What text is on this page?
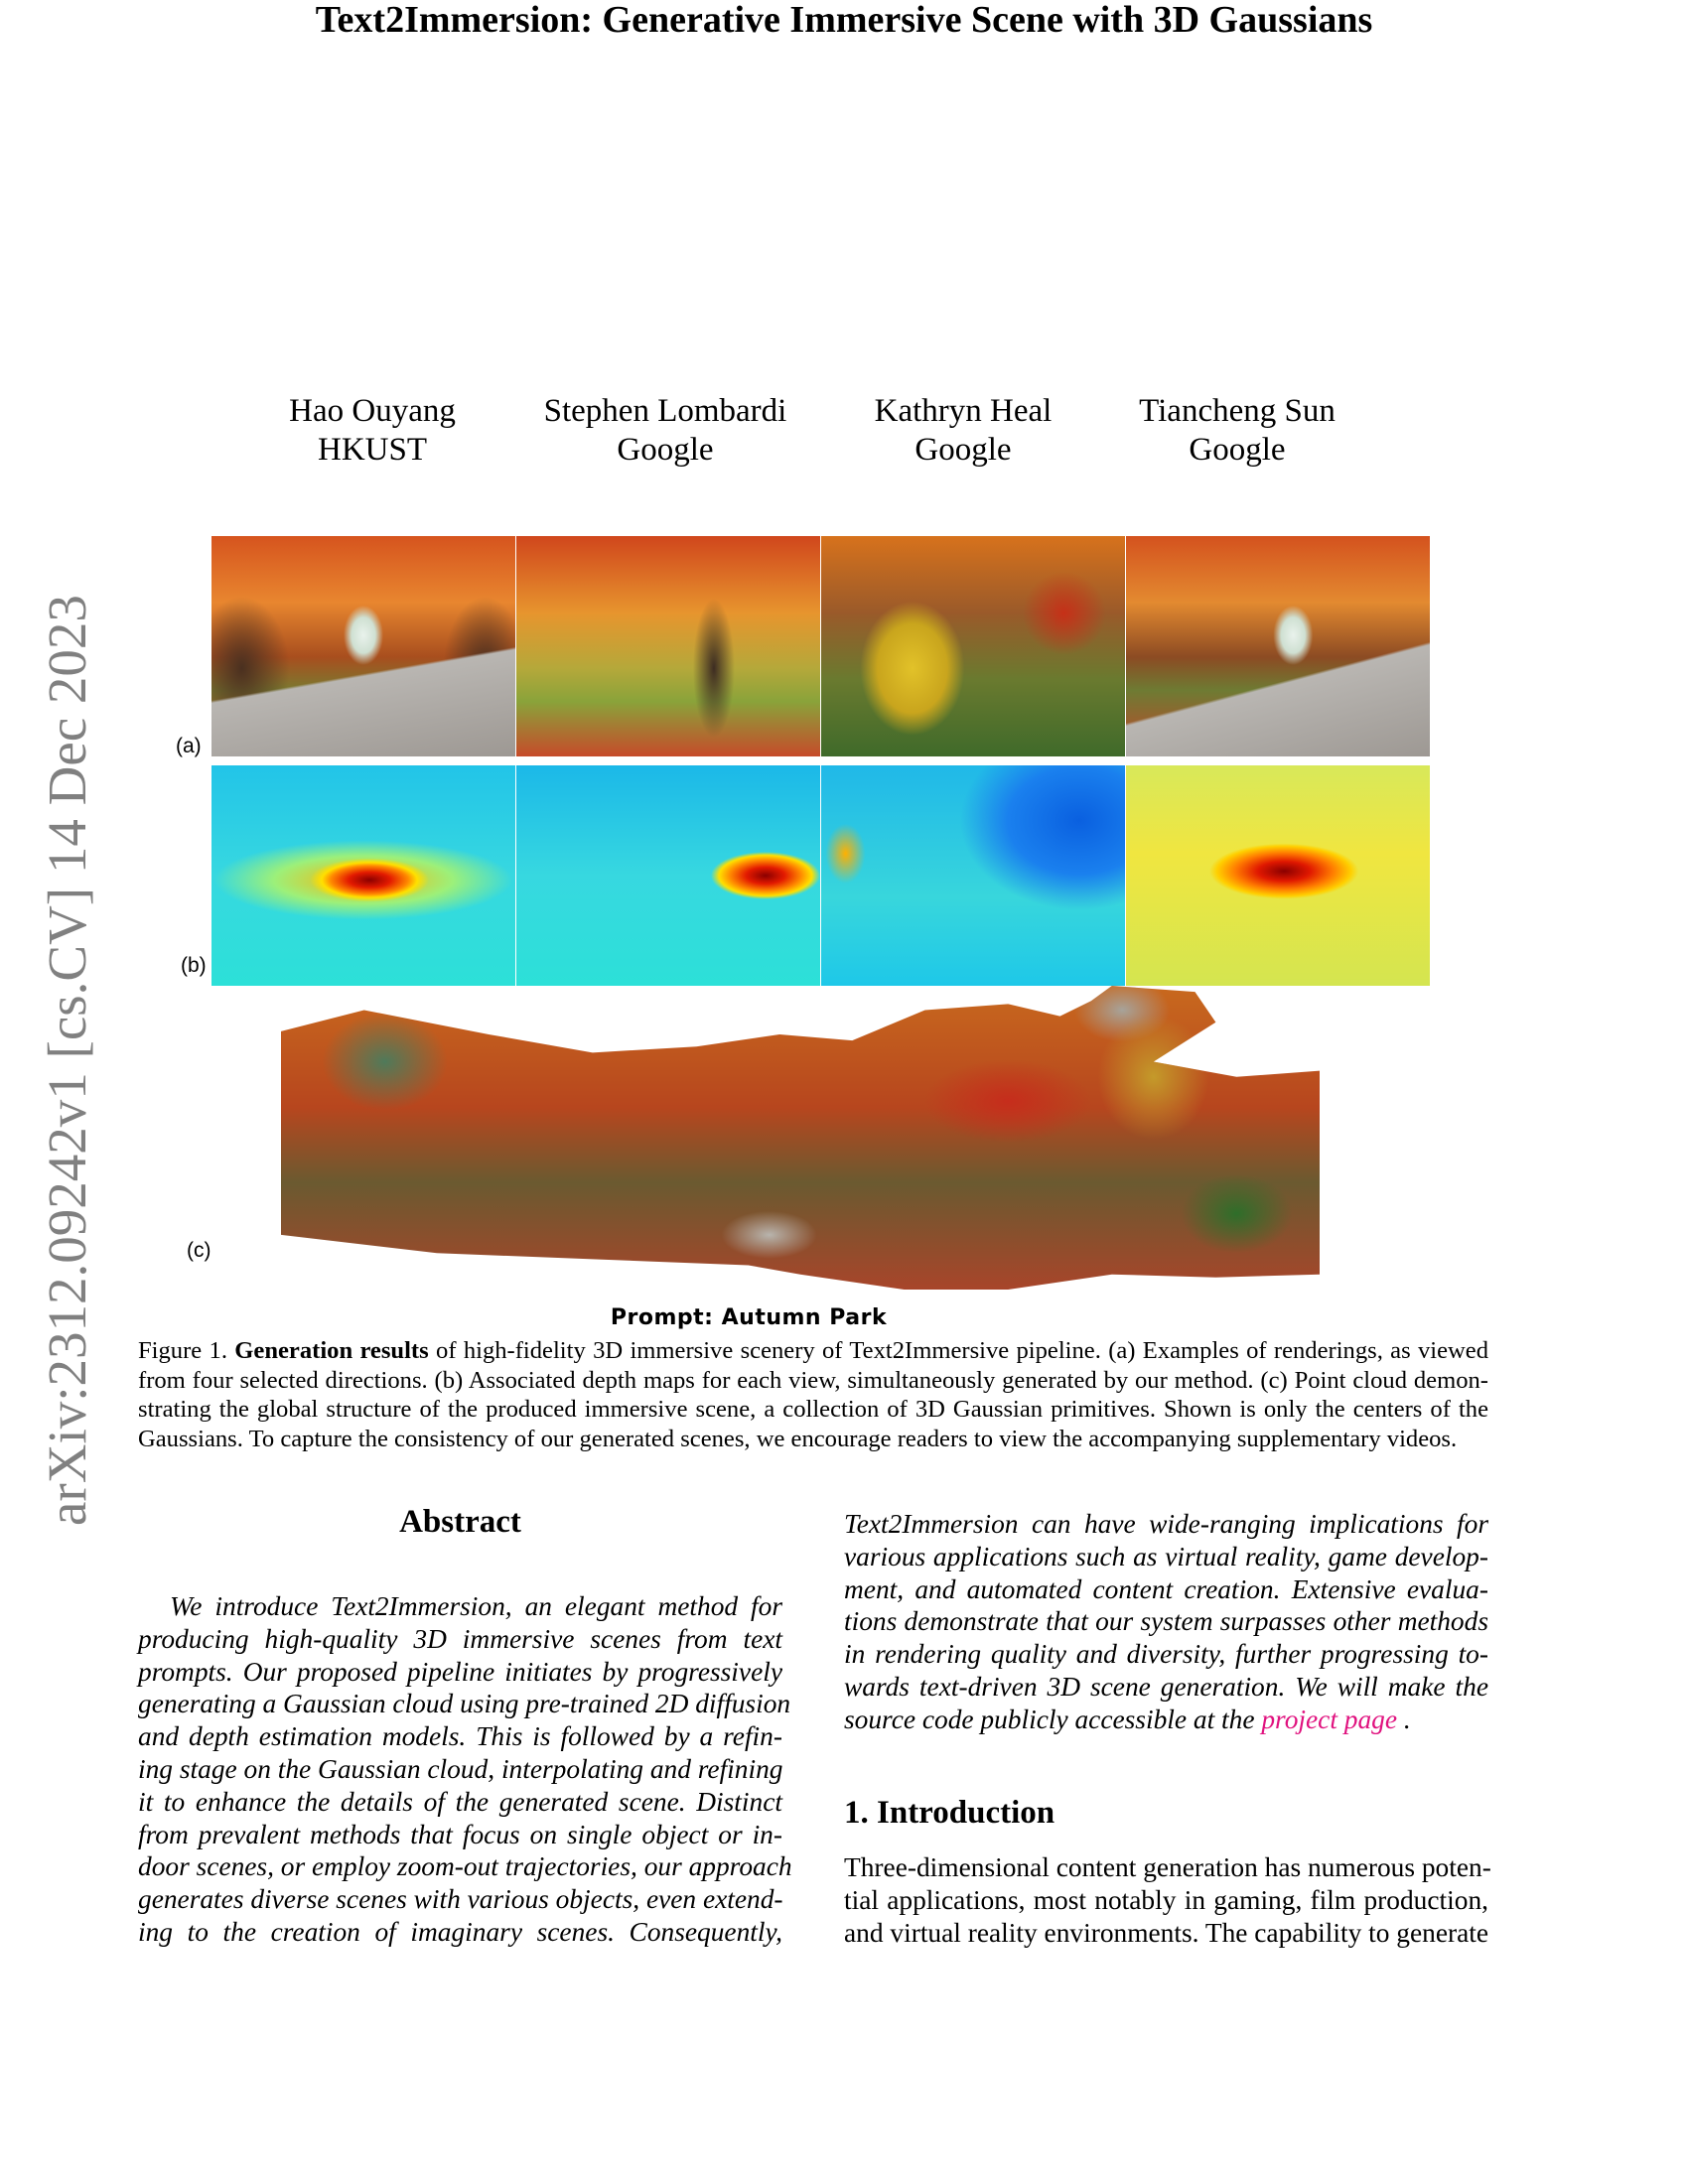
arXiv:2312.09242v1 [cs.CV] 14 Dec 2023
Text2Immersion: Generative Immersive Scene with 3D Gaussians
Hao Ouyang
HKUST
Stephen Lombardi
Google
Kathryn Heal
Google
Tiancheng Sun
Google
(a)
(b)
(c)
Prompt: Autumn Park
Figure 1. Generation results of high-fidelity 3D immersive scenery of Text2Immersive pipeline. (a) Examples of renderings, as viewed
from four selected directions. (b) Associated depth maps for each view, simultaneously generated by our method. (c) Point cloud demon-
strating the global structure of the produced immersive scene, a collection of 3D Gaussian primitives. Shown is only the centers of the
Gaussians. To capture the consistency of our generated scenes, we encourage readers to view the accompanying supplementary videos.
Abstract
We introduce Text2Immersion, an elegant method for
producing high-quality 3D immersive scenes from text
prompts. Our proposed pipeline initiates by progressively
generating a Gaussian cloud using pre-trained 2D diffusion
and depth estimation models. This is followed by a refin-
ing stage on the Gaussian cloud, interpolating and refining
it to enhance the details of the generated scene. Distinct
from prevalent methods that focus on single object or in-
door scenes, or employ zoom-out trajectories, our approach
generates diverse scenes with various objects, even extend-
ing to the creation of imaginary scenes. Consequently,
Text2Immersion can have wide-ranging implications for
various applications such as virtual reality, game develop-
ment, and automated content creation. Extensive evalua-
tions demonstrate that our system surpasses other methods
in rendering quality and diversity, further progressing to-
wards text-driven 3D scene generation. We will make the
source code publicly accessible at the project page .
1. Introduction
Three-dimensional content generation has numerous poten-
tial applications, most notably in gaming, film production,
and virtual reality environments. The capability to generate
